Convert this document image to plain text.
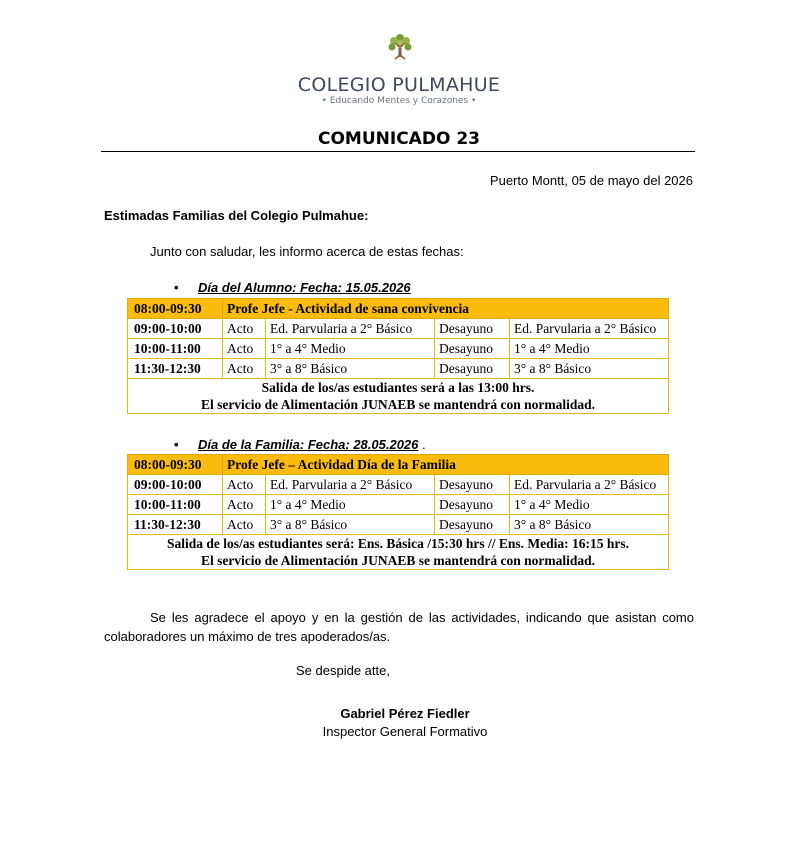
COLEGIO PULMAHUE
• Educando Mentes y Corazones •
COMUNICADO 23
Puerto Montt, 05 de mayo del 2026
Estimadas Familias del Colegio Pulmahue:
Junto con saludar, les informo acerca de estas fechas:
• Día del Alumno: Fecha: 15.05.2026
08:00-09:30	Profe Jefe - Actividad de sana convivencia			
09:00-10:00	Acto	Ed. Parvularia a 2° Básico	Desayuno	Ed. Parvularia a 2° Básico
10:00-11:00	Acto	1° a 4° Medio	Desayuno	1° a 4° Medio
11:30-12:30	Acto	3° a 8° Básico	Desayuno	3° a 8° Básico

Salida de los/as estudiantes será a las 13:00 hrs.
El servicio de Alimentación JUNAEB se mantendrá con normalidad.				
• Día de la Familia: Fecha: 28.05.2026 .
08:00-09:30	Profe Jefe – Actividad Día de la Familia			
09:00-10:00	Acto	Ed. Parvularia a 2° Básico	Desayuno	Ed. Parvularia a 2° Básico
10:00-11:00	Acto	1° a 4° Medio	Desayuno	1° a 4° Medio
11:30-12:30	Acto	3° a 8° Básico	Desayuno	3° a 8° Básico

Salida de los/as estudiantes será: Ens. Básica /15:30 hrs // Ens. Media: 16:15 hrs.
El servicio de Alimentación JUNAEB se mantendrá con normalidad.				
Se les agradece el apoyo y en la gestión de las actividades, indicando que asistan como colaboradores un máximo de tres apoderados/as.
Se despide atte,
Gabriel Pérez Fiedler
Inspector General Formativo
